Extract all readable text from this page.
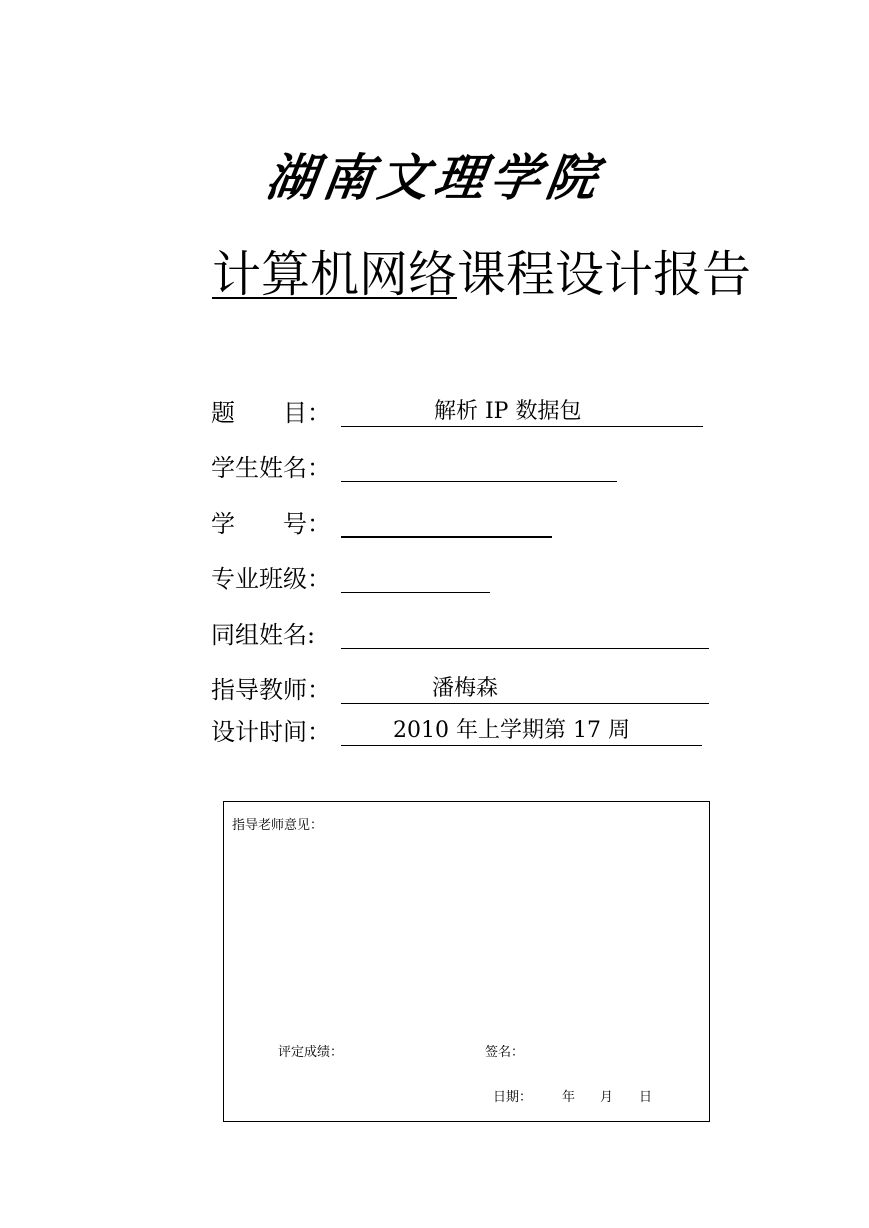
湖南文理学院
计算机网络课程设计报告
题　　目：	解析 IP 数据包
学生姓名：
学　　号：
专业班级：
同组姓名:
指导教师：	潘梅森
设计时间：	2010 年上学期第 17 周
指导老师意见：
评定成绩：	签名：
日期： 年 月 日
